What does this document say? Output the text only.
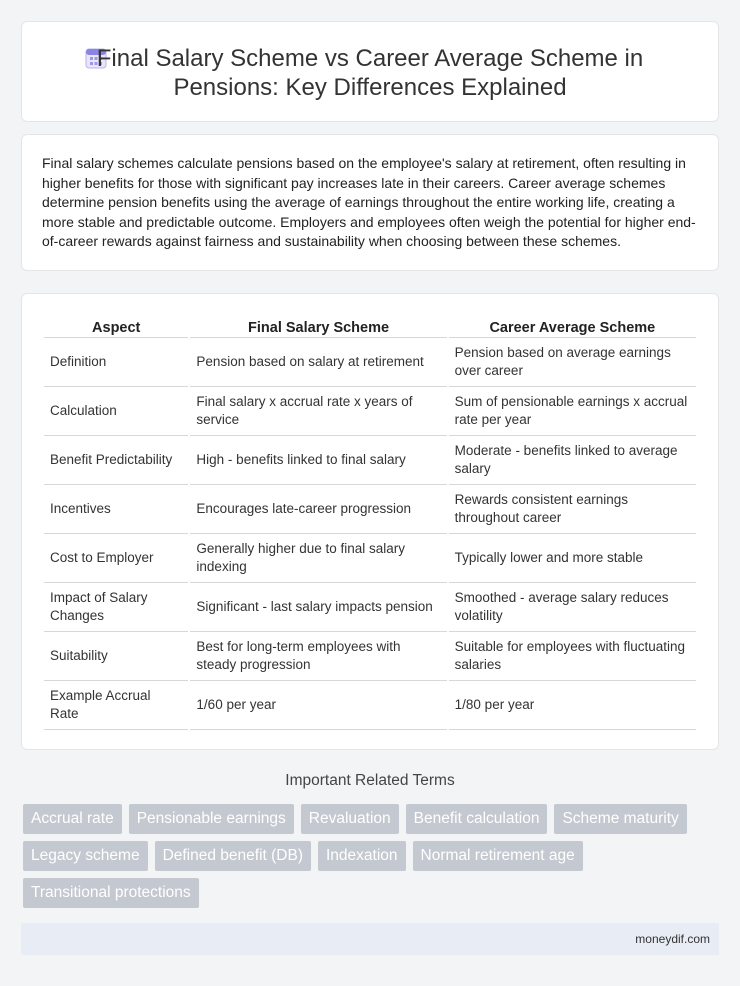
Final Salary Scheme vs Career Average Scheme in
Pensions: Key Differences Explained

Final salary schemes calculate pensions based on the employee's salary at retirement, often resulting in higher benefits for those with significant pay increases late in their careers. Career average schemes determine pension benefits using the average of earnings throughout the entire working life, creating a more stable and predictable outcome. Employers and employees often weigh the potential for higher end-of-career rewards against fairness and sustainability when choosing between these schemes.

Aspect	Final Salary Scheme	Career Average Scheme
Definition	Pension based on salary at retirement	Pension based on average earnings over career
Calculation	Final salary x accrual rate x years of service	Sum of pensionable earnings x accrual rate per year
Benefit Predictability	High - benefits linked to final salary	Moderate - benefits linked to average salary
Incentives	Encourages late-career progression	Rewards consistent earnings throughout career
Cost to Employer	Generally higher due to final salary indexing	Typically lower and more stable
Impact of Salary Changes	Significant - last salary impacts pension	Smoothed - average salary reduces volatility
Suitability	Best for long-term employees with steady progression	Suitable for employees with fluctuating salaries
Example Accrual Rate	1/60 per year	1/80 per year
Important Related Terms
Accrual rate	Pensionable earnings	Revaluation	Benefit calculation	Scheme maturity
Legacy scheme	Defined benefit (DB)	Indexation	Normal retirement age
Transitional protections
moneydif.com
